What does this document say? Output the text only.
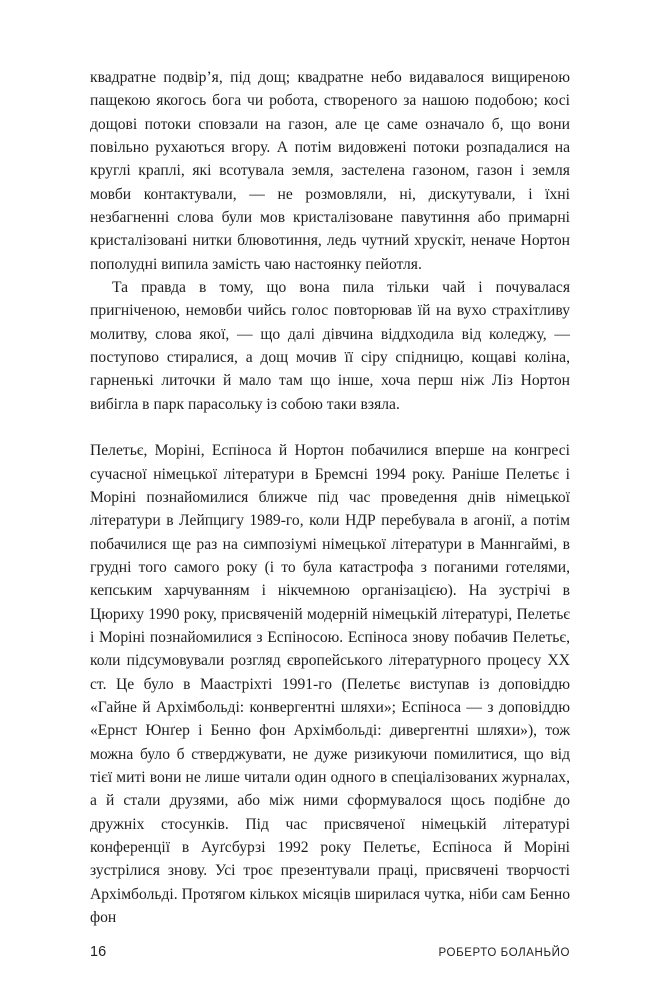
квадратне подвір’я, під дощ; квадратне небо видавалося вищиреною пащекою якогось бога чи робота, створеного за нашою подобою; косі дощові потоки сповзали на газон, але це саме означало б, що вони повільно рухаються вгору. А потім видовжені потоки розпадалися на круглі краплі, які всотувала земля, застелена газоном, газон і земля мовби контактували, — не розмовляли, ні, дискутували, і їхні незбагненні слова були мов кристалізоване павутиння або примарні кристалізовані нитки блювотиння, ледь чутний хрускіт, неначе Нортон пополудні випила замість чаю настоянку пейотля.

Та правда в тому, що вона пила тільки чай і почувалася пригніченою, немовби чийсь голос повторював їй на вухо страхітливу молитву, слова якої, — що далі дівчина віддходила від коледжу, — поступово стиралися, а дощ мочив її сіру спідницю, кощаві коліна, гарненькі литочки й мало там що інше, хоча перш ніж Ліз Нортон вибігла в парк парасольку із собою таки взяла.

Пелетьє, Моріні, Еспіноса й Нортон побачилися вперше на конгресі сучасної німецької літератури в Бремсні 1994 року. Раніше Пелетьє і Моріні познайомилися ближче під час проведення днів німецької літератури в Лейпцигу 1989-го, коли НДР перебувала в агонії, а потім побачилися ще раз на симпозіумі німецької літератури в Маннгаймі, в грудні того самого року (і то була катастрофа з поганими готелями, кепським харчуванням і нікчемною організацією). На зустрічі в Цюриху 1990 року, присвяченій модерній німецькій літературі, Пелетьє і Моріні познайомилися з Еспіносою. Еспіноса знову побачив Пелетьє, коли підсумовували розгляд європейського літературного процесу XX ст. Це було в Маастріхті 1991-го (Пелетьє виступав із доповіддю «Гайне й Архімбольді: конвергентні шляхи»; Еспіноса — з доповіддю «Ернст Юнґер і Бенно фон Архімбольді: дивергентні шляхи»), тож можна було б стверджувати, не дуже ризикуючи помилитися, що від тієї миті вони не лише читали один одного в спеціалізованих журналах, а й стали друзями, або між ними сформувалося щось подібне до дружніх стосунків. Під час присвяченої німецькій літературі конференції в Ауґсбурзі 1992 року Пелетьє, Еспіноса й Моріні зустрілися знову. Усі троє презентували праці, присвячені творчості Архімбольді. Протягом кількох місяців ширилася чутка, ніби сам Бенно фон

16	РОБЕРТО БОЛАНЬЙО
